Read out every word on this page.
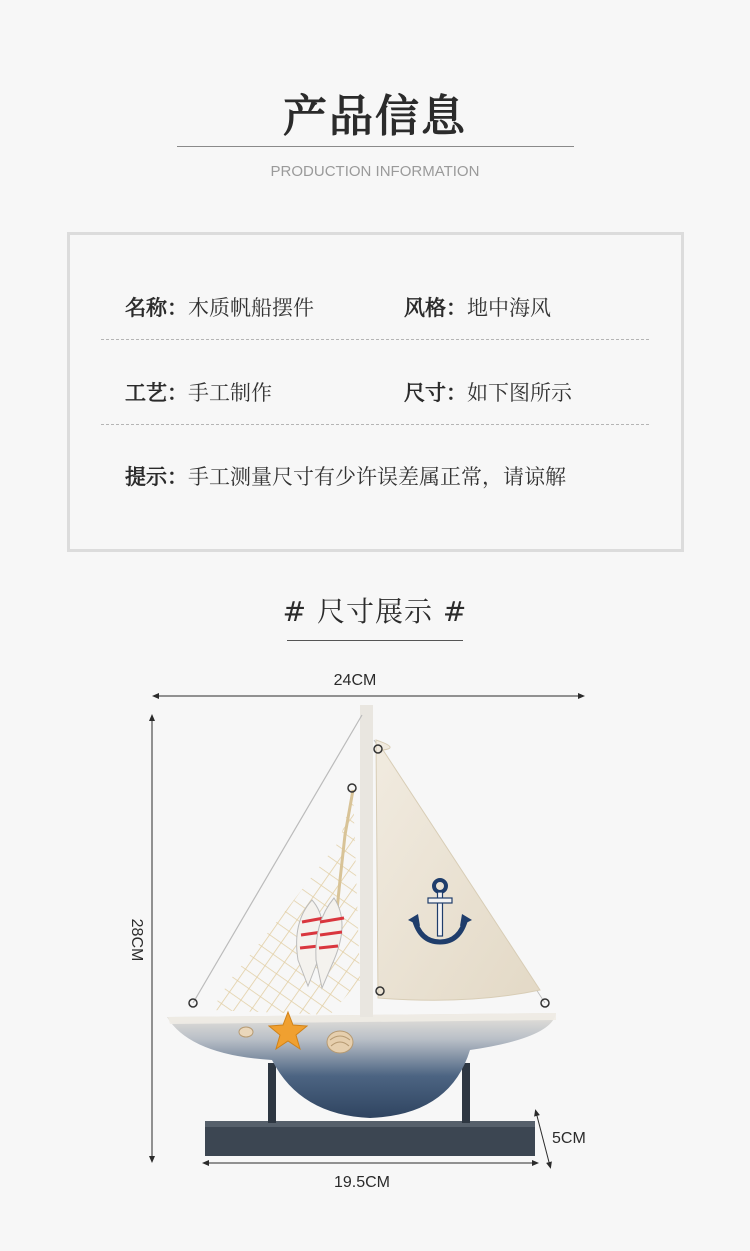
产品信息
PRODUCTION INFORMATION
名称：木质帆船摆件	风格：地中海风
工艺：手工制作	尺寸：如下图所示
提示：手工测量尺寸有少许误差属正常，请谅解
# 尺寸展示 #
24CM
28CM
19.5CM
5CM
